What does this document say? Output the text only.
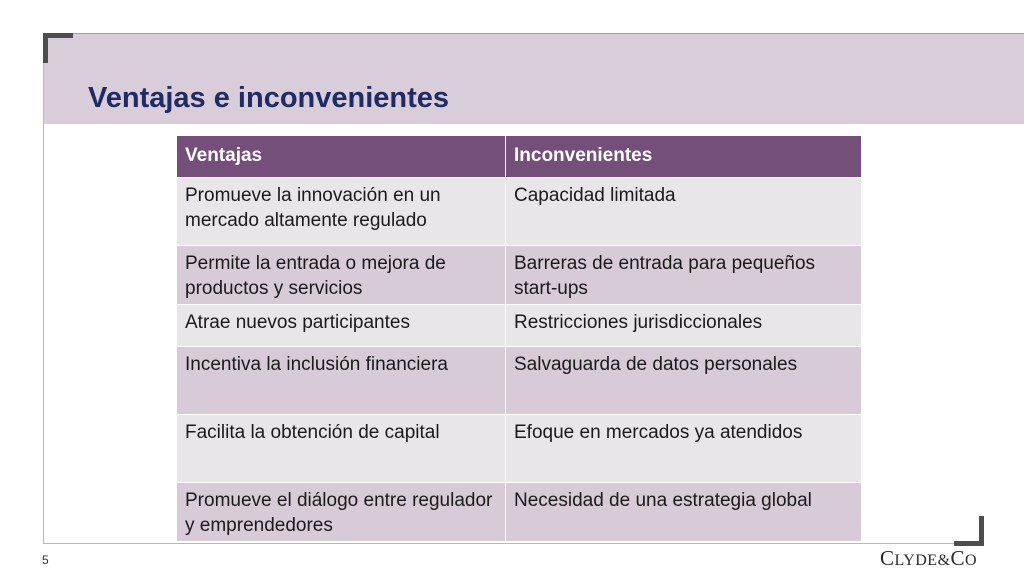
Ventajas e inconvenientes
Ventajas	Inconvenientes
Promueve la innovación en un mercado altamente regulado	Capacidad limitada
Permite la entrada o mejora de productos y servicios	Barreras de entrada para pequeños start-ups
Atrae nuevos participantes	Restricciones jurisdiccionales
Incentiva la inclusión financiera	Salvaguarda de datos personales
Facilita la obtención de capital	Efoque en mercados ya atendidos
Promueve el diálogo entre regulador y emprendedores	Necesidad de una estrategia global
5	CLYDE&CO
